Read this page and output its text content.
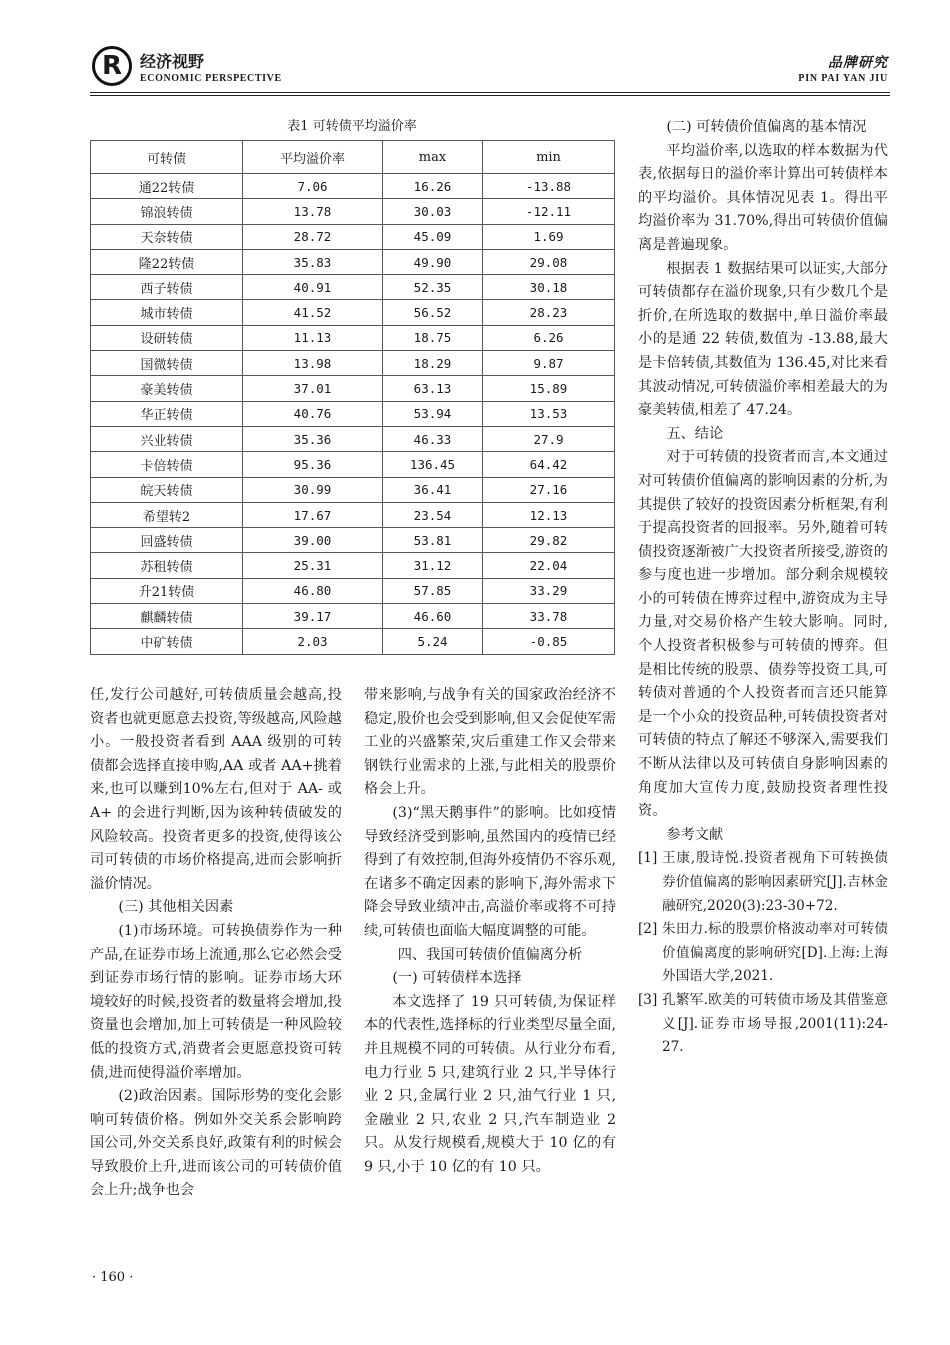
R 经济视野
ECONOMIC PERSPECTIVE
品牌研究
PIN PAI YAN JIU
表1 可转债平均溢价率
可转债	平均溢价率	max	min
通22转债	7.06	16.26	-13.88
锦浪转债	13.78	30.03	-12.11
天奈转债	28.72	45.09	1.69
隆22转债	35.83	49.90	29.08
西子转债	40.91	52.35	30.18
城市转债	41.52	56.52	28.23
设研转债	11.13	18.75	6.26
国微转债	13.98	18.29	9.87
豪美转债	37.01	63.13	15.89
华正转债	40.76	53.94	13.53
兴业转债	35.36	46.33	27.9
卡倍转债	95.36	136.45	64.42
皖天转债	30.99	36.41	27.16
希望转2	17.67	23.54	12.13
回盛转债	39.00	53.81	29.82
苏租转债	25.31	31.12	22.04
升21转债	46.80	57.85	33.29
麒麟转债	39.17	46.60	33.78
中矿转债	2.03	5.24	-0.85

任,发行公司越好,可转债质量会越高,投资者也就更愿意去投资,等级越高,风险越小。一般投资者看到 AAA 级别的可转债都会选择直接申购,AA 或者 AA+挑着来,也可以赚到10%左右,但对于 AA- 或 A+ 的会进行判断,因为该种转债破发的风险较高。投资者更多的投资,使得该公司可转债的市场价格提高,进而会影响折溢价情况。

(三) 其他相关因素

(1)市场环境。可转换债券作为一种产品,在证券市场上流通,那么它必然会受到证券市场行情的影响。证券市场大环境较好的时候,投资者的数量将会增加,投资量也会增加,加上可转债是一种风险较低的投资方式,消费者会更愿意投资可转债,进而使得溢价率增加。

(2)政治因素。国际形势的变化会影响可转债价格。例如外交关系会影响跨国公司,外交关系良好,政策有利的时候会导致股价上升,进而该公司的可转债价值会上升;战争也会

带来影响,与战争有关的国家政治经济不稳定,股价也会受到影响,但又会促使军需工业的兴盛繁荣,灾后重建工作又会带来钢铁行业需求的上涨,与此相关的股票价格会上升。

(3)“黑天鹅事件”的影响。比如疫情导致经济受到影响,虽然国内的疫情已经得到了有效控制,但海外疫情仍不容乐观,在诸多不确定因素的影响下,海外需求下降会导致业绩冲击,高溢价率或将不可持续,可转债也面临大幅度调整的可能。

四、我国可转债价值偏离分析

(一) 可转债样本选择

本文选择了 19 只可转债,为保证样本的代表性,选择标的行业类型尽量全面,并且规模不同的可转债。从行业分布看,电力行业 5 只,建筑行业 2 只,半导体行业 2 只,金属行业 2 只,油气行业 1 只,金融业 2 只,农业 2 只,汽车制造业 2 只。从发行规模看,规模大于 10 亿的有 9 只,小于 10 亿的有 10 只。

(二) 可转债价值偏离的基本情况

平均溢价率,以选取的样本数据为代表,依据每日的溢价率计算出可转债样本的平均溢价。具体情况见表 1。得出平均溢价率为 31.70%,得出可转债价值偏离是普遍现象。

根据表 1 数据结果可以证实,大部分可转债都存在溢价现象,只有少数几个是折价,在所选取的数据中,单日溢价率最小的是通 22 转债,数值为 -13.88,最大是卡倍转债,其数值为 136.45,对比来看其波动情况,可转债溢价率相差最大的为豪美转债,相差了 47.24。

五、结论

对于可转债的投资者而言,本文通过对可转债价值偏离的影响因素的分析,为其提供了较好的投资因素分析框架,有利于提高投资者的回报率。另外,随着可转债投资逐渐被广大投资者所接受,游资的参与度也进一步增加。部分剩余规模较小的可转债在博弈过程中,游资成为主导力量,对交易价格产生较大影响。同时,个人投资者积极参与可转债的博弈。但是相比传统的股票、债券等投资工具,可转债对普通的个人投资者而言还只能算是一个小众的投资品种,可转债投资者对可转债的特点了解还不够深入,需要我们不断从法律以及可转债自身影响因素的角度加大宣传力度,鼓励投资者理性投资。

参考文献

[1] 王康,殷诗悦.投资者视角下可转换债券价值偏离的影响因素研究[J].吉林金融研究,2020(3):23-30+72.
[2] 朱田力.标的股票价格波动率对可转债价值偏离度的影响研究[D].上海:上海外国语大学,2021.
[3] 孔繁军.欧美的可转债市场及其借鉴意义[J].证券市场导报,2001(11):24-27.
· 160 ·
